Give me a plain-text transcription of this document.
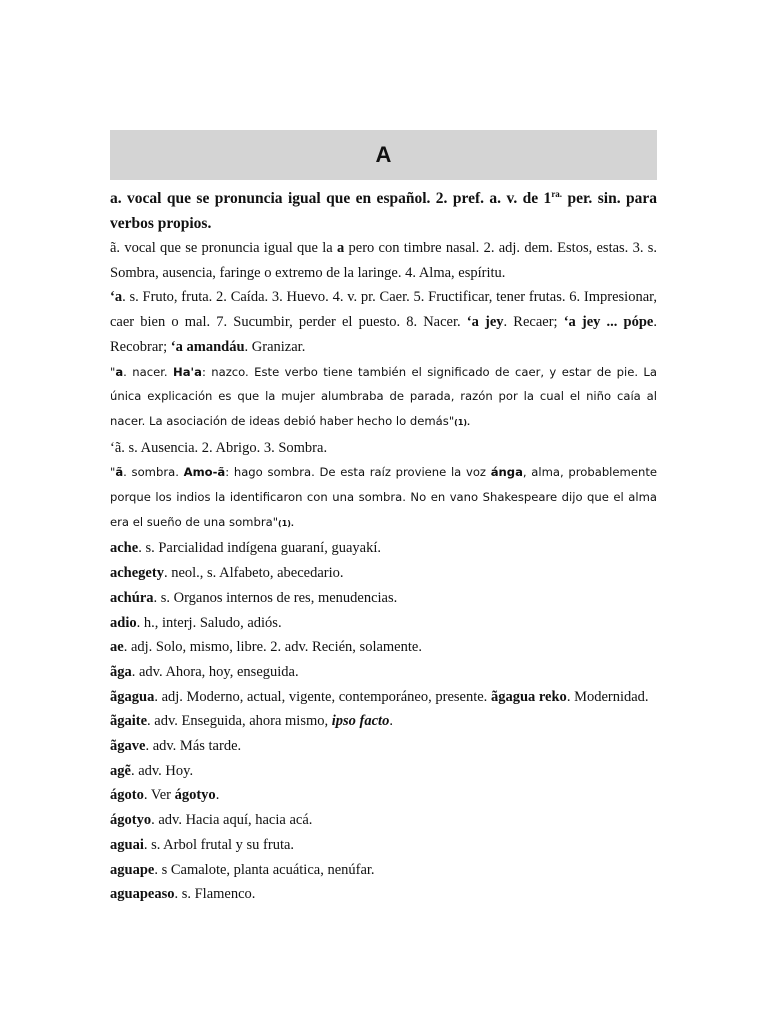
A

a. vocal que se pronuncia igual que en español. 2. pref. a. v. de $1^{ra.}$ per. sin. para verbos propios.

ã. vocal que se pronuncia igual que la a pero con timbre nasal. 2. adj. dem. Estos, estas. 3. s. Sombra, ausencia, faringe o extremo de la laringe. 4. Alma, espíritu.

‘a. s. Fruto, fruta. 2. Caída. 3. Huevo. 4. v. pr. Caer. 5. Fructificar, tener frutas. 6. Impresionar, caer bien o mal. 7. Sucumbir, perder el puesto. 8. Nacer. ‘a jey. Recaer; ‘a jey ... pópe. Recobrar; ‘a amandáu. Granizar.

"a. nacer. Ha'a: nazco. Este verbo tiene también el significado de caer, y estar de pie. La única explicación es que la mujer alumbraba de parada, razón por la cual el niño caía al nacer. La asociación de ideas debió haber hecho lo demás"(1).

‘ã. s. Ausencia. 2. Abrigo. 3. Sombra.

"ã. sombra. Amo-ã: hago sombra. De esta raíz proviene la voz ánga, alma, probablemente porque los indios la identificaron con una sombra. No en vano Shakespeare dijo que el alma era el sueño de una sombra"(1).

ache. s. Parcialidad indígena guaraní, guayakí.

achegety. neol., s. Alfabeto, abecedario.

achúra. s. Organos internos de res, menudencias.

adio. h., interj. Saludo, adiós.

ae. adj. Solo, mismo, libre. 2. adv. Recién, solamente.

ãga. adv. Ahora, hoy, enseguida.

ãgagua. adj. Moderno, actual, vigente, contemporáneo, presente. ãgagua reko. Modernidad.

ãgaite. adv. Enseguida, ahora mismo, ipso facto.

ãgave. adv. Más tarde.

agẽ. adv. Hoy.

ágoto. Ver ágotyo.

ágotyo. adv. Hacia aquí, hacia acá.

aguai. s. Arbol frutal y su fruta.

aguape. s Camalote, planta acuática, nenúfar.

aguapeaso. s. Flamenco.
